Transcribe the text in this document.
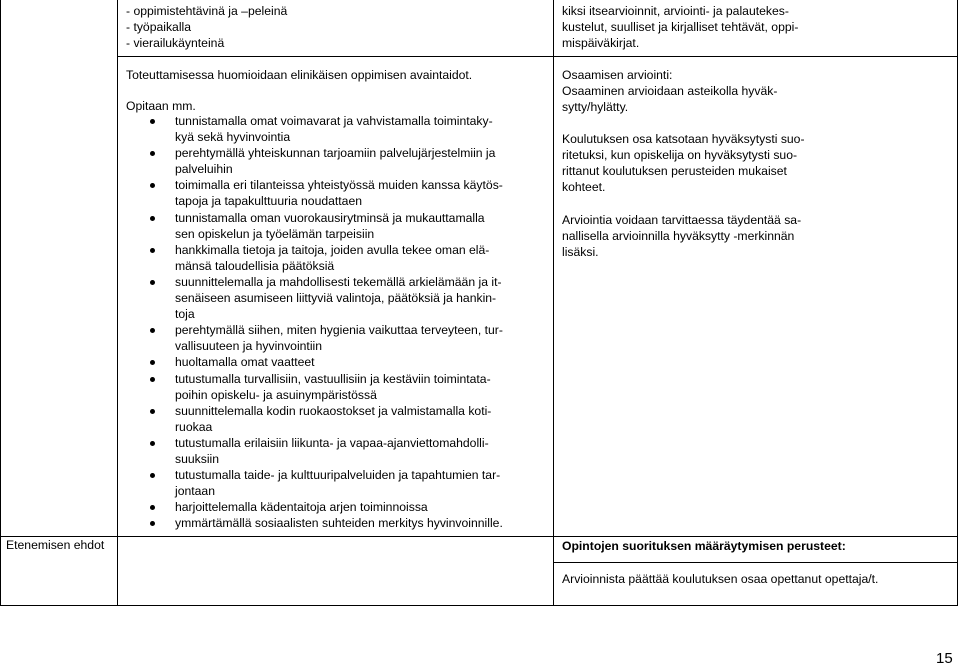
Etenemisen ehdot
- oppimistehtävinä ja –peleinä
- työpaikalla
- vierailukäynteinä
Toteuttamisessa huomioidaan elinikäisen oppimisen avaintaidot.
Opitaan mm.
tunnistamalla omat voimavarat ja vahvistamalla toimintaky-
kyä sekä hyvinvointia
perehtymällä yhteiskunnan tarjoamiin palvelujärjestelmiin ja
palveluihin
toimimalla eri tilanteissa yhteistyössä muiden kanssa käytös-
tapoja ja tapakulttuuria noudattaen
tunnistamalla oman vuorokausirytminsä ja mukauttamalla
sen opiskelun ja työelämän tarpeisiin
hankkimalla tietoja ja taitoja, joiden avulla tekee oman elä-
mänsä taloudellisia päätöksiä
suunnittelemalla ja mahdollisesti tekemällä arkielämään ja it-
senäiseen asumiseen liittyviä valintoja, päätöksiä ja hankin-
toja
perehtymällä siihen, miten hygienia vaikuttaa terveyteen, tur-
vallisuuteen ja hyvinvointiin
huoltamalla omat vaatteet
tutustumalla turvallisiin, vastuullisiin ja kestäviin toimintata-
poihin opiskelu- ja asuinympäristössä
suunnittelemalla kodin ruokaostokset ja valmistamalla koti-
ruokaa
tutustumalla erilaisiin liikunta- ja vapaa-ajanviettomahdolli-
suuksiin
tutustumalla taide- ja kulttuuripalveluiden ja tapahtumien tar-
jontaan
harjoittelemalla kädentaitoja arjen toiminnoissa
ymmärtämällä sosiaalisten suhteiden merkitys hyvinvoinnille.
kiksi itsearvioinnit, arviointi- ja palautekes-
kustelut, suulliset ja kirjalliset tehtävät, oppi-
mispäiväkirjat.
Osaamisen arviointi:
Osaaminen arvioidaan asteikolla hyväk-
sytty/hylätty.
Koulutuksen osa katsotaan hyväksytysti suo-
ritetuksi, kun opiskelija on hyväksytysti suo-
rittanut koulutuksen perusteiden mukaiset
kohteet.
Arviointia voidaan tarvittaessa täydentää sa-
nallisella arvioinnilla hyväksytty -merkinnän
lisäksi.
Opintojen suorituksen määräytymisen perusteet:
Arvioinnista päättää koulutuksen osaa opettanut opettaja/t.
15
